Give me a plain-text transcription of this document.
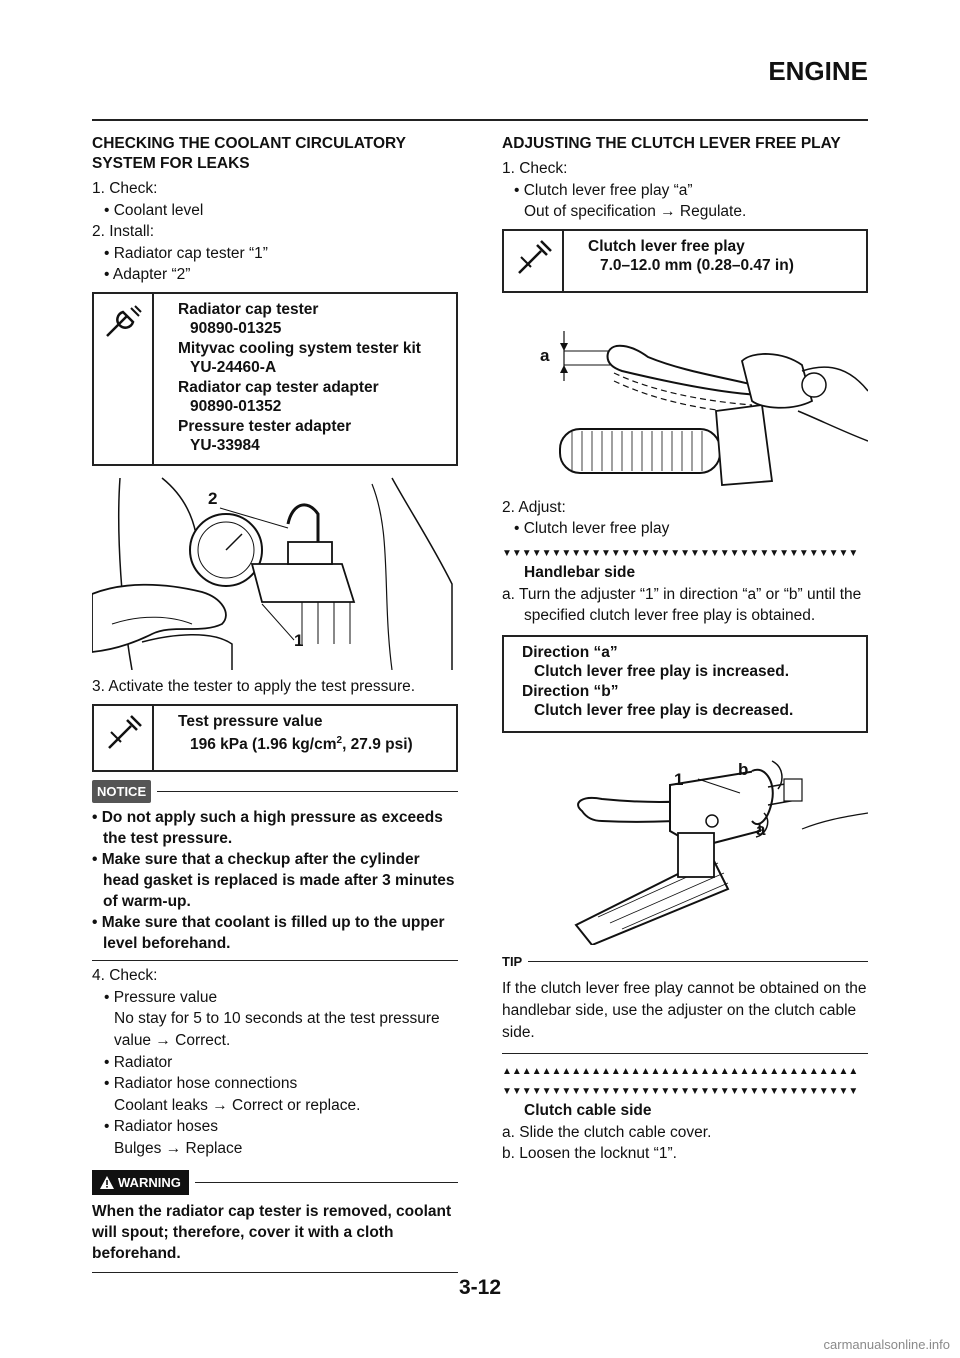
ENGINE
CHECKING THE COOLANT CIRCULATORY SYSTEM FOR LEAKS

1. Check:

• Coolant level

2. Install:

• Radiator cap tester “1”

• Adapter “2”

Radiator cap tester
90890-01325
Mityvac cooling system tester kit
YU-24460-A
Radiator cap tester adapter
90890-01352
Pressure tester adapter
YU-33984
2
1

3. Activate the tester to apply the test pressure.

Test pressure value
196 kPa (1.96 $kg/cm^2$, 27.9 psi)
NOTICE

• Do not apply such a high pressure as exceeds the test pressure.

• Make sure that a checkup after the cylinder head gasket is replaced is made after 3 minutes of warm-up.

• Make sure that coolant is filled up to the upper level beforehand.

4. Check:

• Pressure value

No stay for 5 to 10 seconds at the test pressure value → Correct.

• Radiator

• Radiator hose connections

Coolant leaks → Correct or replace.

• Radiator hoses

Bulges → Replace

WARNING

When the radiator cap tester is removed, coolant will spout; therefore, cover it with a cloth beforehand.

ADJUSTING THE CLUTCH LEVER FREE PLAY

1. Check:

• Clutch lever free play “a”

Out of specification → Regulate.

Clutch lever free play
7.0–12.0 mm (0.28–0.47 in)
a

2. Adjust:

• Clutch lever free play

▼▼▼▼▼▼▼▼▼▼▼▼▼▼▼▼▼▼▼▼▼▼▼▼▼▼▼▼▼▼▼▼▼▼▼▼
Handlebar side

a. Turn the adjuster “1” in direction “a” or “b” until the specified clutch lever free play is obtained.

Direction “a”
Clutch lever free play is increased.
Direction “b”
Clutch lever free play is decreased.
1
b
a
TIP

If the clutch lever free play cannot be obtained on the handlebar side, use the adjuster on the clutch cable side.

▲▲▲▲▲▲▲▲▲▲▲▲▲▲▲▲▲▲▲▲▲▲▲▲▲▲▲▲▲▲▲▲▲▲▲▲
▼▼▼▼▼▼▼▼▼▼▼▼▼▼▼▼▼▼▼▼▼▼▼▼▼▼▼▼▼▼▼▼▼▼▼▼
Clutch cable side

a. Slide the clutch cable cover.

b. Loosen the locknut “1”.

3-12
carmanualsonline.info
